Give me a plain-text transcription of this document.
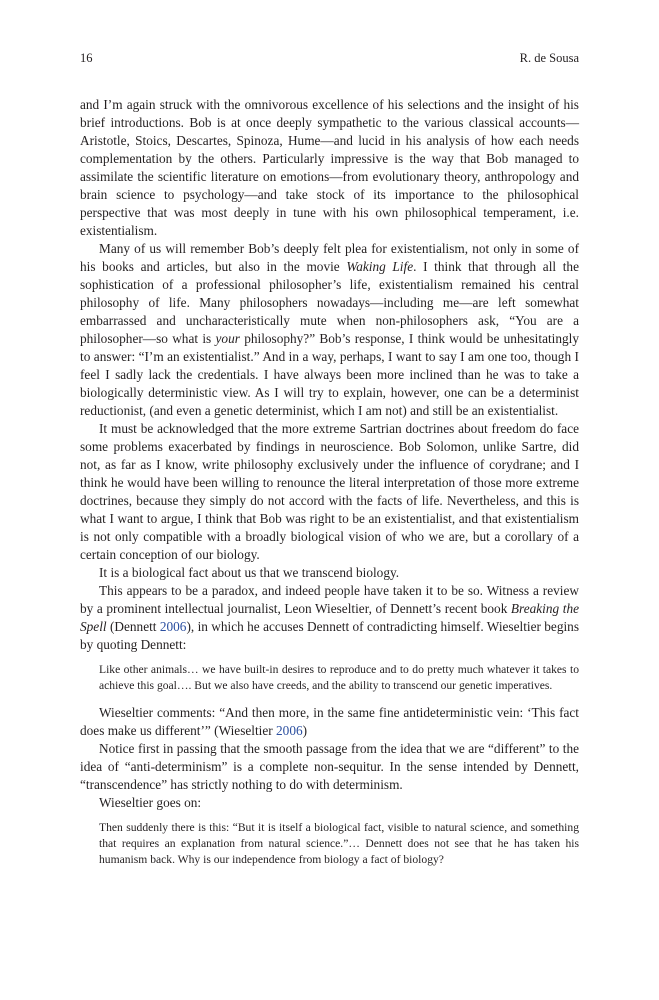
16	R. de Sousa

and I’m again struck with the omnivorous excellence of his selections and the insight of his brief introductions. Bob is at once deeply sympathetic to the various classical accounts—Aristotle, Stoics, Descartes, Spinoza, Hume—and lucid in his analysis of how each needs complementation by the others. Particularly impressive is the way that Bob managed to assimilate the scientific literature on emotions—from evolutionary theory, anthropology and brain science to psychology—and take stock of its importance to the philosophical perspective that was most deeply in tune with his own philosophical temperament, i.e. existentialism.

Many of us will remember Bob’s deeply felt plea for existentialism, not only in some of his books and articles, but also in the movie Waking Life. I think that through all the sophistication of a professional philosopher’s life, existentialism remained his central philosophy of life. Many philosophers nowadays—including me—are left somewhat embarrassed and uncharacteristically mute when non-philosophers ask, “You are a philosopher—so what is your philosophy?” Bob’s response, I think would be unhesitatingly to answer: “I’m an existentialist.” And in a way, perhaps, I want to say I am one too, though I feel I sadly lack the credentials. I have always been more inclined than he was to take a biologically deterministic view. As I will try to explain, however, one can be a determinist reductionist, (and even a genetic determinist, which I am not) and still be an existentialist.

It must be acknowledged that the more extreme Sartrian doctrines about freedom do face some problems exacerbated by findings in neuroscience. Bob Solomon, unlike Sartre, did not, as far as I know, write philosophy exclusively under the influence of corydrane; and I think he would have been willing to renounce the literal interpretation of those more extreme doctrines, because they simply do not accord with the facts of life. Nevertheless, and this is what I want to argue, I think that Bob was right to be an existentialist, and that existentialism is not only compatible with a broadly biological vision of who we are, but a corollary of a certain conception of our biology.

It is a biological fact about us that we transcend biology.

This appears to be a paradox, and indeed people have taken it to be so. Witness a review by a prominent intellectual journalist, Leon Wieseltier, of Dennett’s recent book Breaking the Spell (Dennett 2006), in which he accuses Dennett of contradicting himself. Wieseltier begins by quoting Dennett:

Like other animals… we have built-in desires to reproduce and to do pretty much whatever it takes to achieve this goal…. But we also have creeds, and the ability to transcend our genetic imperatives.

Wieseltier comments: “And then more, in the same fine antideterministic vein: ‘This fact does make us different’” (Wieseltier 2006)

Notice first in passing that the smooth passage from the idea that we are “different” to the idea of “anti-determinism” is a complete non-sequitur. In the sense intended by Dennett, “transcendence” has strictly nothing to do with determinism.

Wieseltier goes on:

Then suddenly there is this: “But it is itself a biological fact, visible to natural science, and something that requires an explanation from natural science.”… Dennett does not see that he has taken his humanism back. Why is our independence from biology a fact of biology?
